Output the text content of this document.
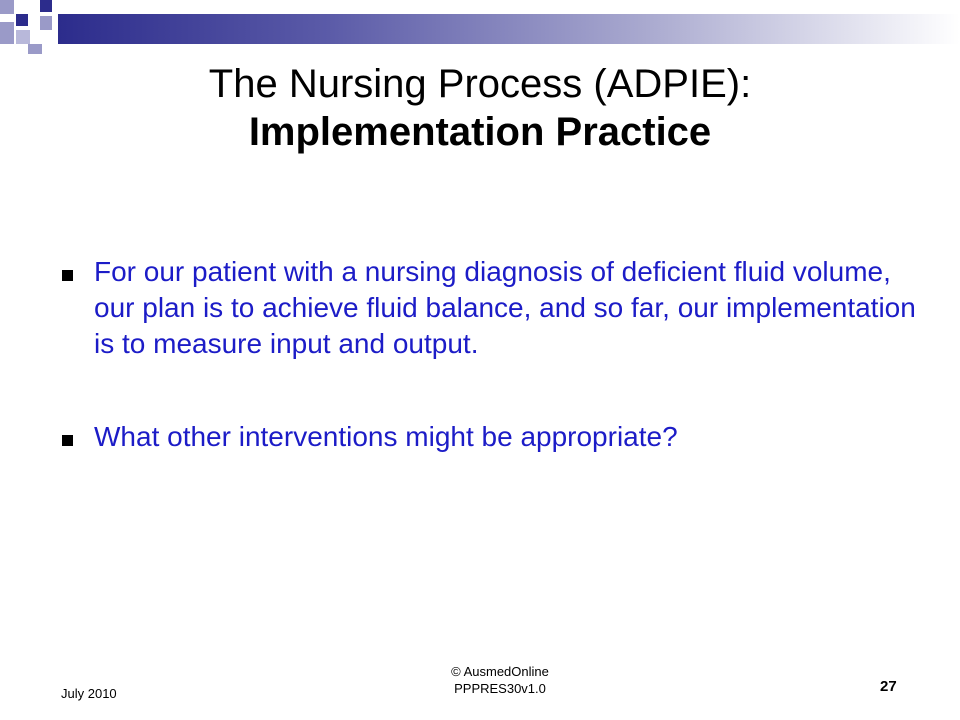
The Nursing Process (ADPIE):
Implementation Practice
For our patient with a nursing diagnosis of deficient fluid volume, our plan is to achieve fluid balance, and so far, our implementation is to measure input and output.
What other interventions might be appropriate?
July 2010
© AusmedOnline
PPPRES30v1.0	27
